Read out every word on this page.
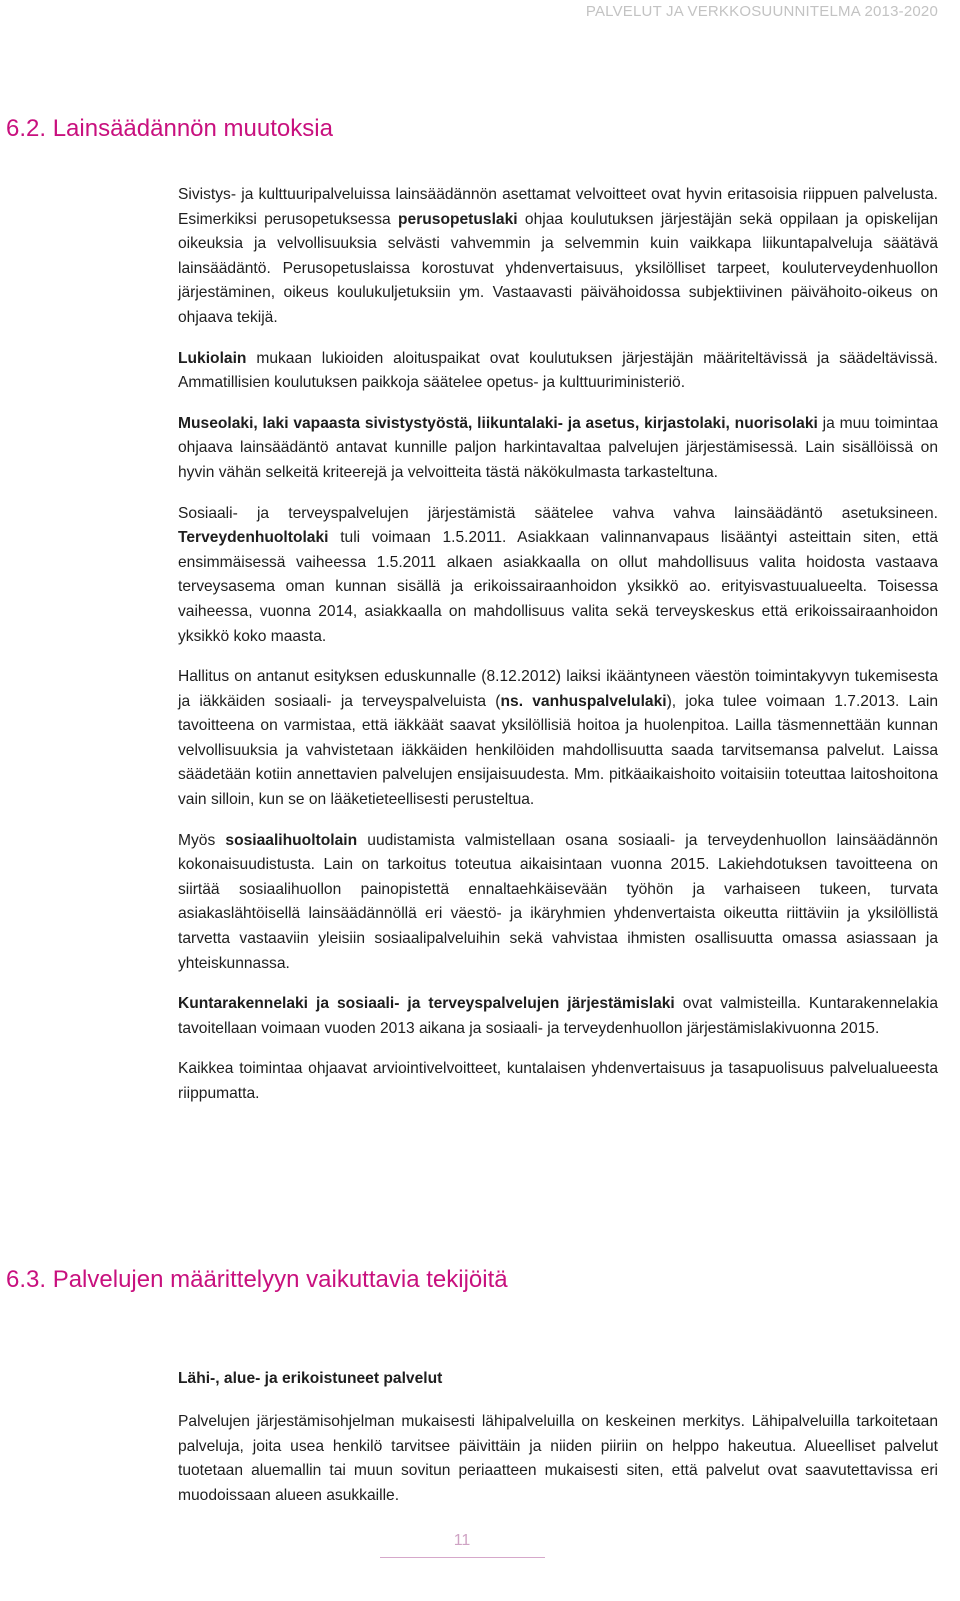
PALVELUT JA VERKKOSUUNNITELMA 2013-2020
6.2. Lainsäädännön muutoksia

Sivistys- ja kulttuuripalveluissa lainsäädännön asettamat velvoitteet ovat hyvin eritasoisia riippuen palvelusta. Esimerkiksi perusopetuksessa perusopetuslaki ohjaa koulutuksen järjestäjän sekä oppilaan ja opiskelijan oikeuksia ja velvollisuuksia selvästi vahvemmin ja selvemmin kuin vaikkapa liikuntapalveluja säätävä lainsäädäntö. Perusopetuslaissa korostuvat yhdenvertaisuus, yksilölliset tarpeet, kouluterveydenhuollon järjestäminen, oikeus koulukuljetuksiin ym. Vastaavasti päivähoidossa subjektiivinen päivähoito-oikeus on ohjaava tekijä.

Lukiolain mukaan lukioiden aloituspaikat ovat koulutuksen järjestäjän määriteltävissä ja säädeltävissä. Ammatillisien koulutuksen paikkoja säätelee opetus- ja kulttuuriministeriö.

Museolaki, laki vapaasta sivistystyöstä, liikuntalaki- ja asetus, kirjastolaki, nuorisolaki ja muu toimintaa ohjaava lainsäädäntö antavat kunnille paljon harkintavaltaa palvelujen järjestämisessä. Lain sisällöissä on hyvin vähän selkeitä kriteerejä ja velvoitteita tästä näkökulmasta tarkasteltuna.

Sosiaali- ja terveyspalvelujen järjestämistä säätelee vahva vahva lainsäädäntö asetuksineen. Terveydenhuoltolaki tuli voimaan 1.5.2011. Asiakkaan valinnanvapaus lisääntyi asteittain siten, että ensimmäisessä vaiheessa 1.5.2011 alkaen asiakkaalla on ollut mahdollisuus valita hoidosta vastaava terveysasema oman kunnan sisällä ja erikoissairaanhoidon yksikkö ao. erityisvastuualueelta. Toisessa vaiheessa, vuonna 2014, asiakkaalla on mahdollisuus valita sekä terveyskeskus että erikoissairaanhoidon yksikkö koko maasta.

Hallitus on antanut esityksen eduskunnalle (8.12.2012) laiksi ikääntyneen väestön toimintakyvyn tukemisesta ja iäkkäiden sosiaali- ja terveyspalveluista (ns. vanhuspalvelulaki), joka tulee voimaan 1.7.2013. Lain tavoitteena on varmistaa, että iäkkäät saavat yksilöllisiä hoitoa ja huolenpitoa. Lailla täsmennettään kunnan velvollisuuksia ja vahvistetaan iäkkäiden henkilöiden mahdollisuutta saada tarvitsemansa palvelut. Laissa säädetään kotiin annettavien palvelujen ensijaisuudesta. Mm. pitkäaikaishoito voitaisiin toteuttaa laitoshoitona vain silloin, kun se on lääketieteellisesti perusteltua.

Myös sosiaalihuoltolain uudistamista valmistellaan osana sosiaali- ja terveydenhuollon lainsäädännön kokonaisuudistusta. Lain on tarkoitus toteutua aikaisintaan vuonna 2015. Lakiehdotuksen tavoitteena on siirtää sosiaalihuollon painopistettä ennaltaehkäisevään työhön ja varhaiseen tukeen, turvata asiakaslähtöisellä lainsäädännöllä eri väestö- ja ikäryhmien yhdenvertaista oikeutta riittäviin ja yksilöllistä tarvetta vastaaviin yleisiin sosiaalipalveluihin sekä vahvistaa ihmisten osallisuutta omassa asiassaan ja yhteiskunnassa.

Kuntarakennelaki ja sosiaali- ja terveyspalvelujen järjestämislaki ovat valmisteilla. Kuntarakennelakia tavoitellaan voimaan vuoden 2013 aikana ja sosiaali- ja terveydenhuollon järjestämislakivuonna 2015.

Kaikkea toimintaa ohjaavat arviointivelvoitteet, kuntalaisen yhdenvertaisuus ja tasapuolisuus palvelualueesta riippumatta.

6.3. Palvelujen määrittelyyn vaikuttavia tekijöitä
Lähi-, alue- ja erikoistuneet palvelut

Palvelujen järjestämisohjelman mukaisesti lähipalveluilla on keskeinen merkitys. Lähipalveluilla tarkoitetaan palveluja, joita usea henkilö tarvitsee päivittäin ja niiden piiriin on helppo hakeutua. Alueelliset palvelut tuotetaan aluemallin tai muun sovitun periaatteen mukaisesti siten, että palvelut ovat saavutettavissa eri muodoissaan alueen asukkaille.

11
